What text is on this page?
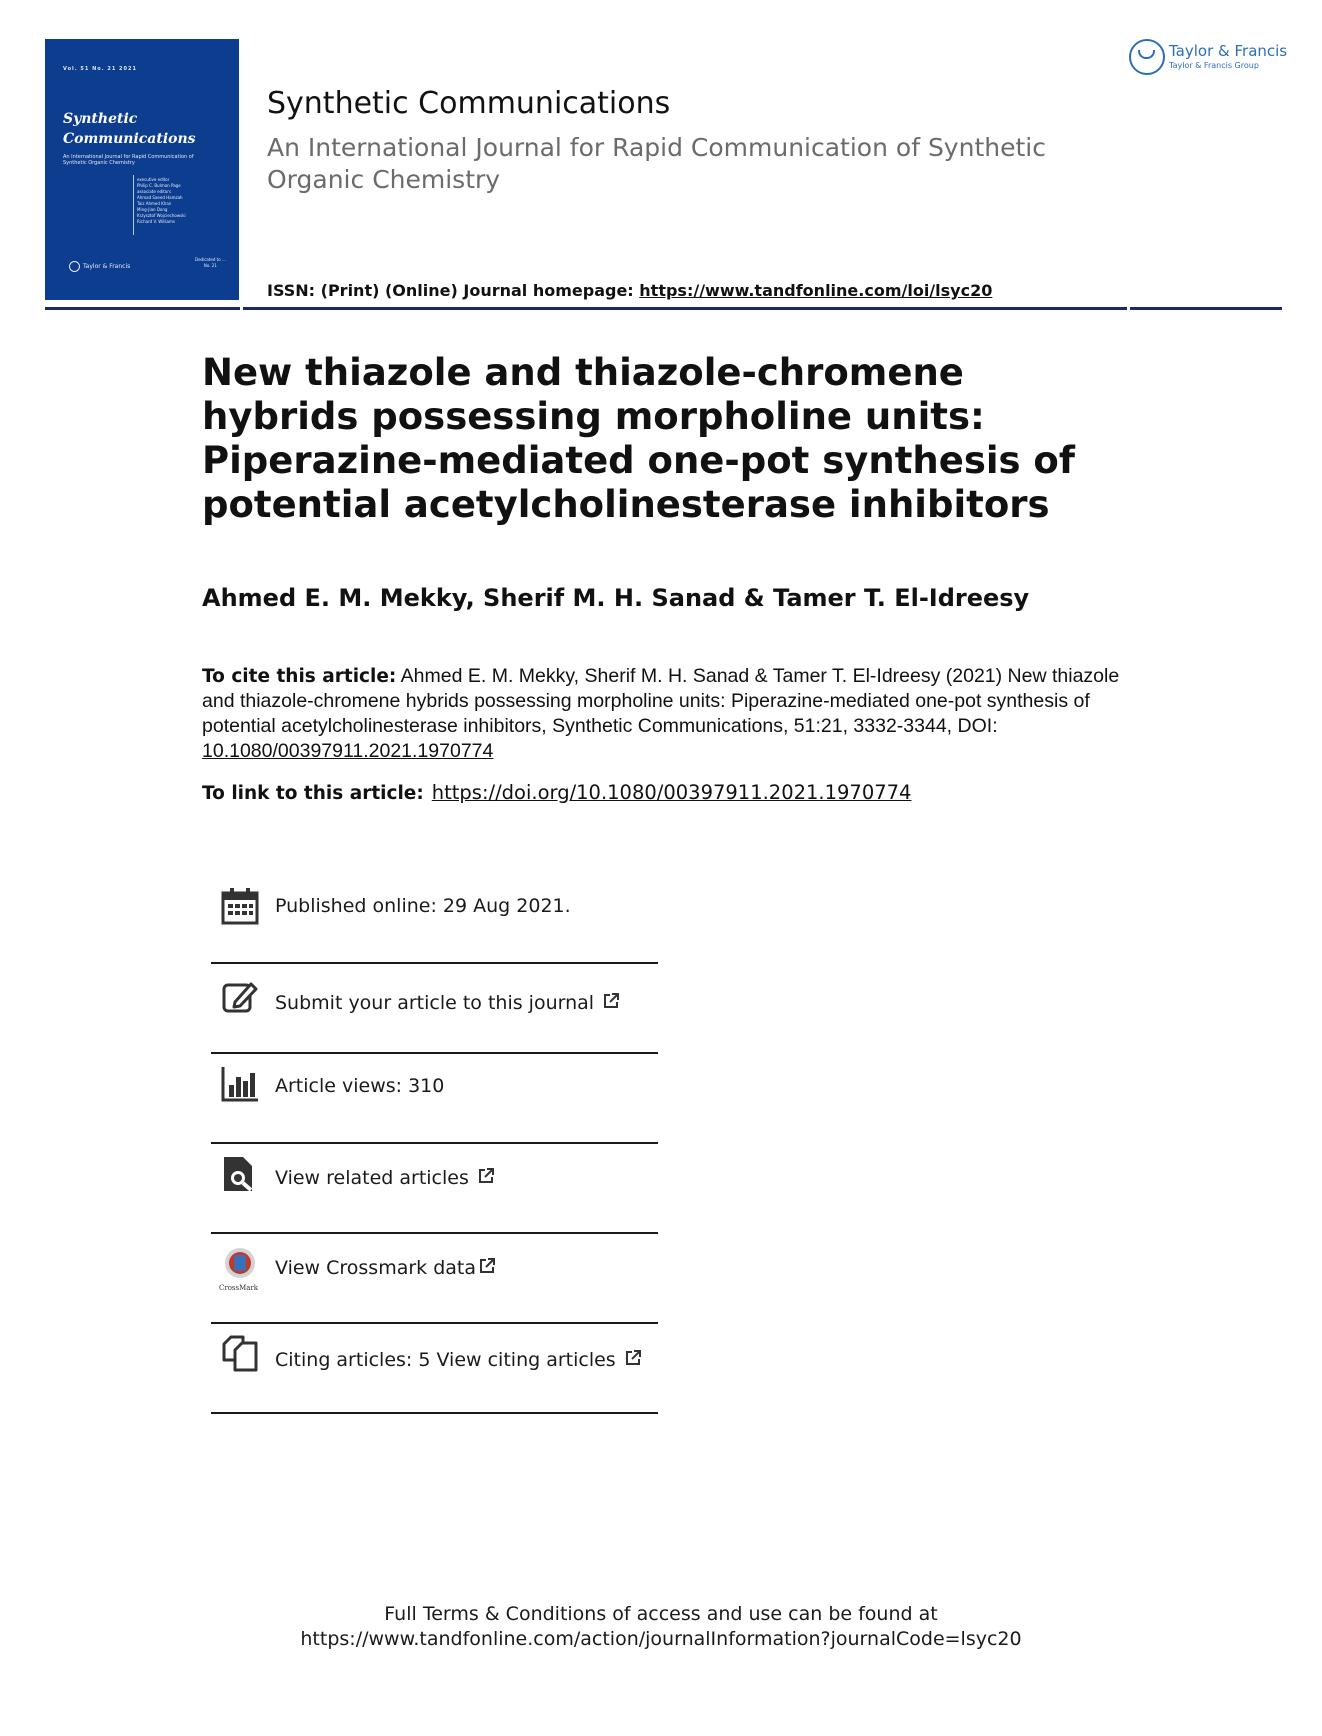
Vol. 51 No. 21 2021
Synthetic
Communications
An International Journal for Rapid Communication of Synthetic Organic Chemistry
executive editor
Philip C. Bulman Page
associate editors
Ahmad Saeed Hamzah
Taiz Ahmed Khan
Ming-Jian Dong
Krzysztof Wojciechowski
Richard V. Williams
Taylor & Francis
Dedicated to ...
No. 21
Synthetic Communications
An International Journal for Rapid Communication of Synthetic Organic Chemistry
ISSN: (Print) (Online) Journal homepage: https://www.tandfonline.com/loi/lsyc20
Taylor & Francis
Taylor & Francis Group
New thiazole and thiazole-chromene hybrids possessing morpholine units: Piperazine-mediated one-pot synthesis of potential acetylcholinesterase inhibitors
Ahmed E. M. Mekky, Sherif M. H. Sanad & Tamer T. El-Idreesy
To cite this article: Ahmed E. M. Mekky, Sherif M. H. Sanad & Tamer T. El-Idreesy (2021) New thiazole and thiazole-chromene hybrids possessing morpholine units: Piperazine-mediated one-pot synthesis of potential acetylcholinesterase inhibitors, Synthetic Communications, 51:21, 3332-3344, DOI: 10.1080/00397911.2021.1970774
To link to this article: https://doi.org/10.1080/00397911.2021.1970774
Published online: 29 Aug 2021.
Submit your article to this journal
Article views: 310
View related articles
CrossMark
View Crossmark data
Citing articles: 5 View citing articles
Full Terms & Conditions of access and use can be found at
https://www.tandfonline.com/action/journalInformation?journalCode=lsyc20
